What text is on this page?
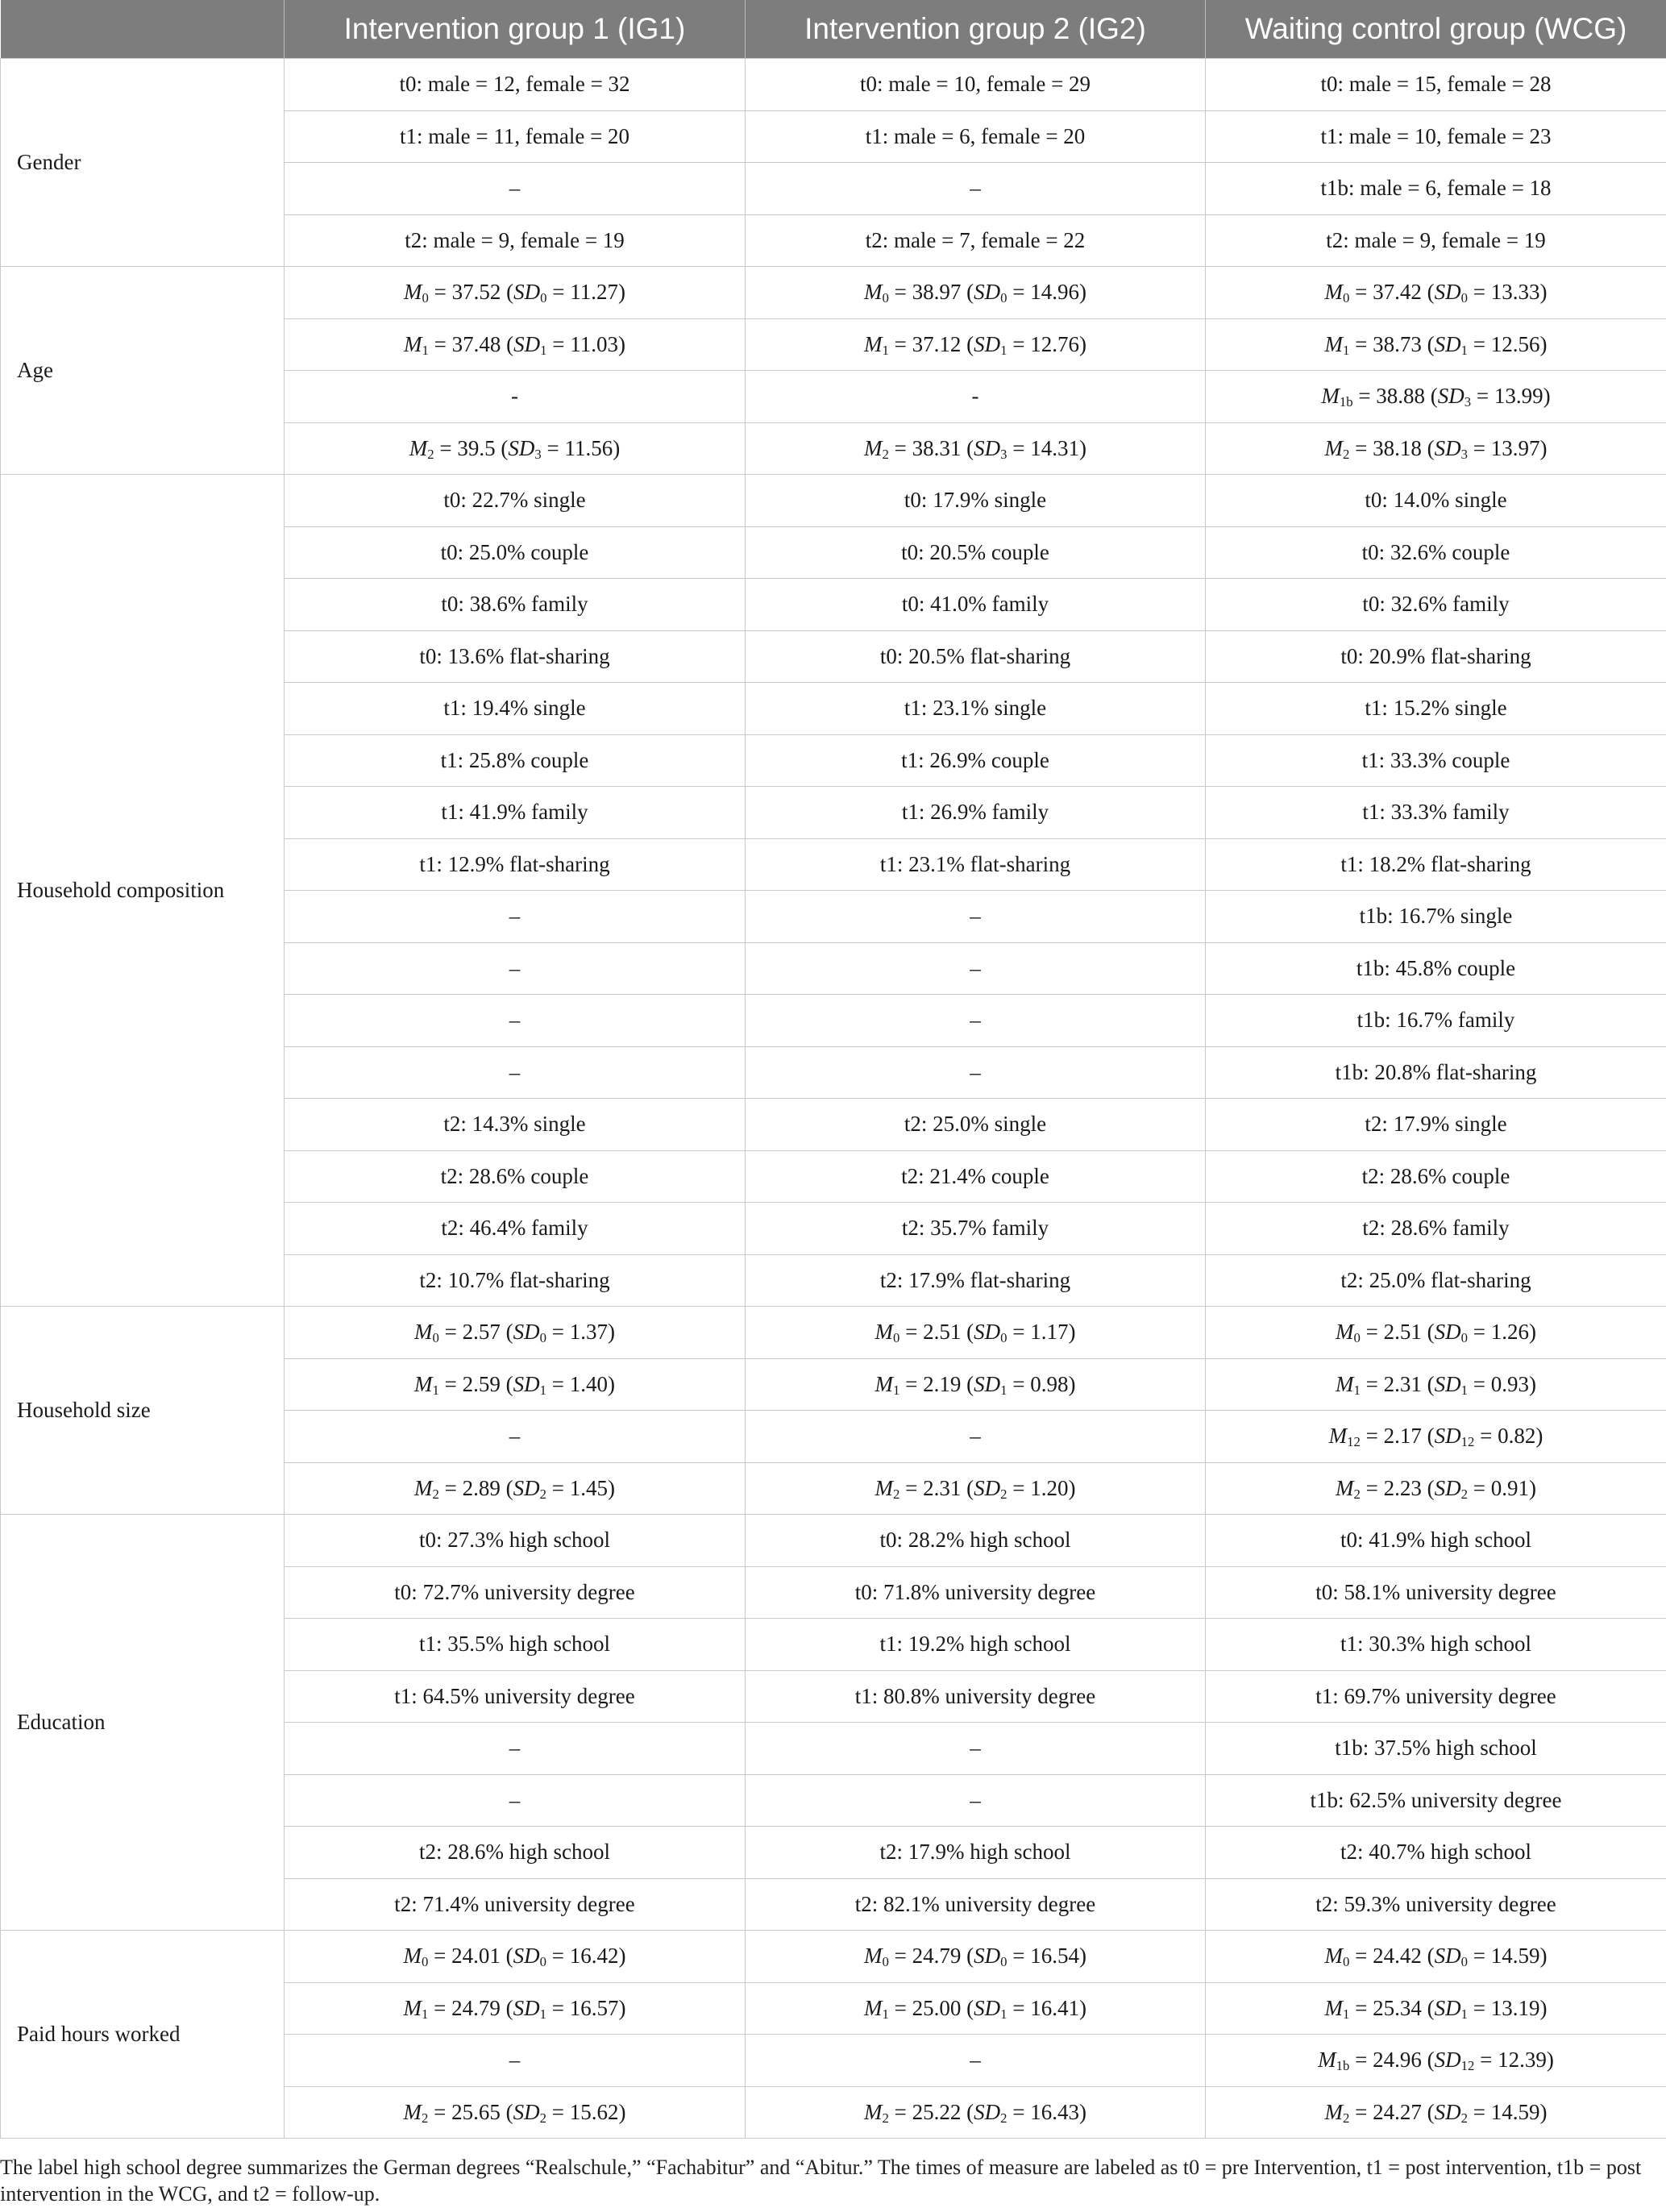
	Intervention group 1 (IG1)	Intervention group 2 (IG2)	Waiting control group (WCG)
Gender	t0: male = 12, female = 32	t0: male = 10, female = 29	t0: male = 15, female = 28
	t1: male = 11, female = 20	t1: male = 6, female = 20	t1: male = 10, female = 23
	–	–	t1b: male = 6, female = 18
	t2: male = 9, female = 19	t2: male = 7, female = 22	t2: male = 9, female = 19
Age	$M_0 = 37.52$ $(SD_0 = 11.27)$	$M_0 = 38.97$ $(SD_0 = 14.96)$	$M_0 = 37.42$ $(SD_0 = 13.33)$
	$M_1 = 37.48$ $(SD_1 = 11.03)$	$M_1 = 37.12$ $(SD_1 = 12.76)$	$M_1 = 38.73$ $(SD_1 = 12.56)$
	-	-	$M_{1b} = 38.88$ $(SD_3 = 13.99)$
	$M_2 = 39.5$ $(SD_3 = 11.56)$	$M_2 = 38.31$ $(SD_3 = 14.31)$	$M_2 = 38.18$ $(SD_3 = 13.97)$
Household composition	t0: 22.7% single	t0: 17.9% single	t0: 14.0% single
	t0: 25.0% couple	t0: 20.5% couple	t0: 32.6% couple
	t0: 38.6% family	t0: 41.0% family	t0: 32.6% family
	t0: 13.6% flat-sharing	t0: 20.5% flat-sharing	t0: 20.9% flat-sharing
	t1: 19.4% single	t1: 23.1% single	t1: 15.2% single
	t1: 25.8% couple	t1: 26.9% couple	t1: 33.3% couple
	t1: 41.9% family	t1: 26.9% family	t1: 33.3% family
	t1: 12.9% flat-sharing	t1: 23.1% flat-sharing	t1: 18.2% flat-sharing
	–	–	t1b: 16.7% single
	–	–	t1b: 45.8% couple
	–	–	t1b: 16.7% family
	–	–	t1b: 20.8% flat-sharing
	t2: 14.3% single	t2: 25.0% single	t2: 17.9% single
	t2: 28.6% couple	t2: 21.4% couple	t2: 28.6% couple
	t2: 46.4% family	t2: 35.7% family	t2: 28.6% family
	t2: 10.7% flat-sharing	t2: 17.9% flat-sharing	t2: 25.0% flat-sharing
Household size	$M_0 = 2.57$ $(SD_0 = 1.37)$	$M_0 = 2.51$ $(SD_0 = 1.17)$	$M_0 = 2.51$ $(SD_0 = 1.26)$
	$M_1 = 2.59$ $(SD_1 = 1.40)$	$M_1 = 2.19$ $(SD_1 = 0.98)$	$M_1 = 2.31$ $(SD_1 = 0.93)$
	–	–	$M_{12} = 2.17$ $(SD_{12} = 0.82)$
	$M_2 = 2.89$ $(SD_2 = 1.45)$	$M_2 = 2.31$ $(SD_2 = 1.20)$	$M_2 = 2.23$ $(SD_2 = 0.91)$
Education	t0: 27.3% high school	t0: 28.2% high school	t0: 41.9% high school
	t0: 72.7% university degree	t0: 71.8% university degree	t0: 58.1% university degree
	t1: 35.5% high school	t1: 19.2% high school	t1: 30.3% high school
	t1: 64.5% university degree	t1: 80.8% university degree	t1: 69.7% university degree
	–	–	t1b: 37.5% high school
	–	–	t1b: 62.5% university degree
	t2: 28.6% high school	t2: 17.9% high school	t2: 40.7% high school
	t2: 71.4% university degree	t2: 82.1% university degree	t2: 59.3% university degree
Paid hours worked	$M_0 = 24.01$ $(SD_0 = 16.42)$	$M_0 = 24.79$ $(SD_0 = 16.54)$	$M_0 = 24.42$ $(SD_0 = 14.59)$
	$M_1 = 24.79$ $(SD_1 = 16.57)$	$M_1 = 25.00$ $(SD_1 = 16.41)$	$M_1 = 25.34$ $(SD_1 = 13.19)$
	–	–	$M_{1b} = 24.96$ $(SD_{12} = 12.39)$
	$M_2 = 25.65$ $(SD_2 = 15.62)$	$M_2 = 25.22$ $(SD_2 = 16.43)$	$M_2 = 24.27$ $(SD_2 = 14.59)$

The label high school degree summarizes the German degrees “Realschule,” “Fachabitur” and “Abitur.” The times of measure are labeled as t0 = pre Intervention, t1 = post intervention, t1b = post intervention in the WCG, and t2 = follow-up.
